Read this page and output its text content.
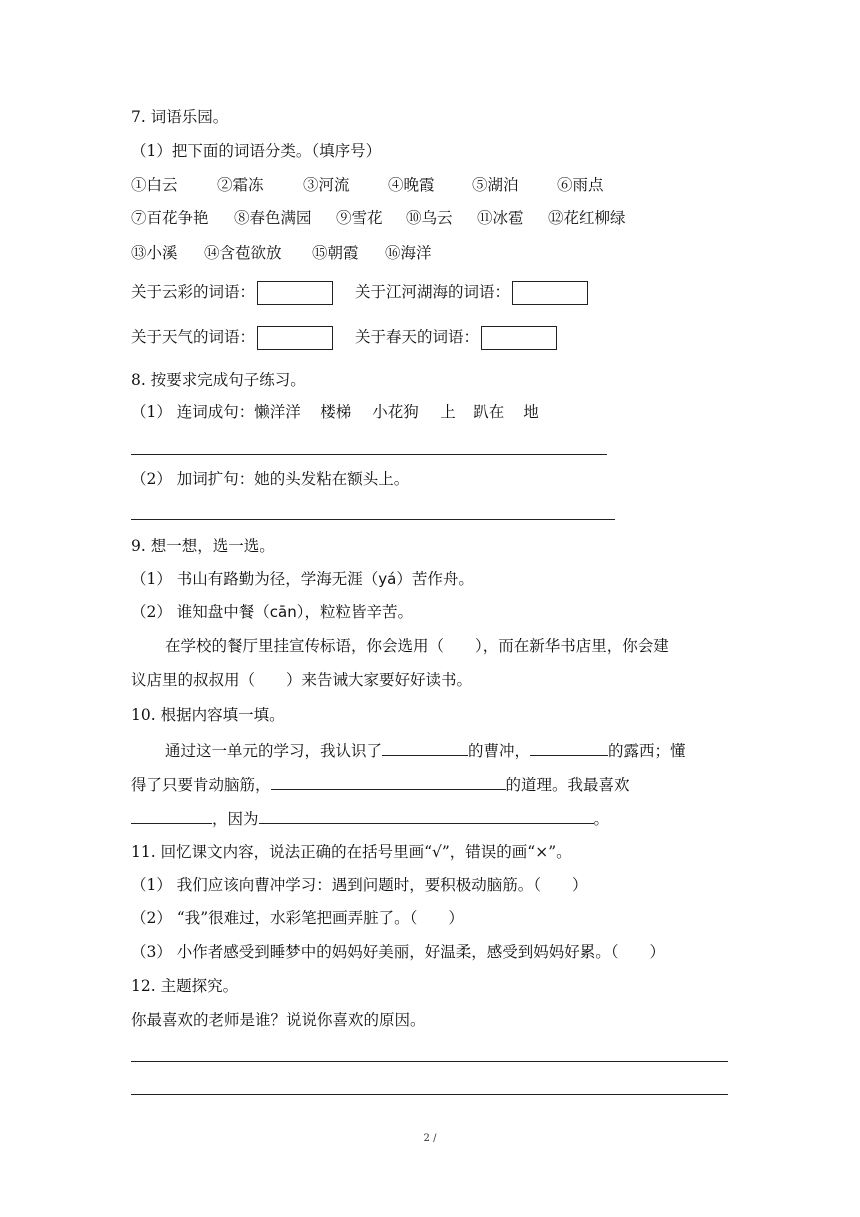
7. 词语乐园。
（1）把下面的词语分类。（填序号）
①白云	②霜冻	③河流 ④晚霞 ⑤湖泊 ⑥雨点
⑦百花争艳 ⑧春色满园 ⑨雪花 ⑩乌云 ⑪冰雹 ⑫花红柳绿
⑬小溪 ⑭含苞欲放 ⑮朝霞 ⑯海洋
关于云彩的词语：	关于江河湖海的词语：
关于天气的词语：	关于春天的词语：
8. 按要求完成句子练习。
（1） 连词成句：懒洋洋 楼梯 小花狗 上 趴在 地
（2） 加词扩句：她的头发粘在额头上。
9. 想一想，选一选。
（1） 书山有路勤为径，学海无涯（yá）苦作舟。
（2） 谁知盘中餐（cān），粒粒皆辛苦。
在学校的餐厅里挂宣传标语，你会选用（　　），而在新华书店里，你会建
议店里的叔叔用（　　）来告诫大家要好好读书。
10. 根据内容填一填。
通过这一单元的学习，我认识了	的曹冲，	的露西；懂
得了只要肯动脑筋，	的道理。我最喜欢
，因为	。
11. 回忆课文内容，说法正确的在括号里画“√”，错误的画“×”。
（1） 我们应该向曹冲学习：遇到问题时，要积极动脑筋。（　　）
（2） “我”很难过，水彩笔把画弄脏了。（　　）
（3） 小作者感受到睡梦中的妈妈好美丽，好温柔，感受到妈妈好累。（　　）
12. 主题探究。
你最喜欢的老师是谁？说说你喜欢的原因。
2 /
